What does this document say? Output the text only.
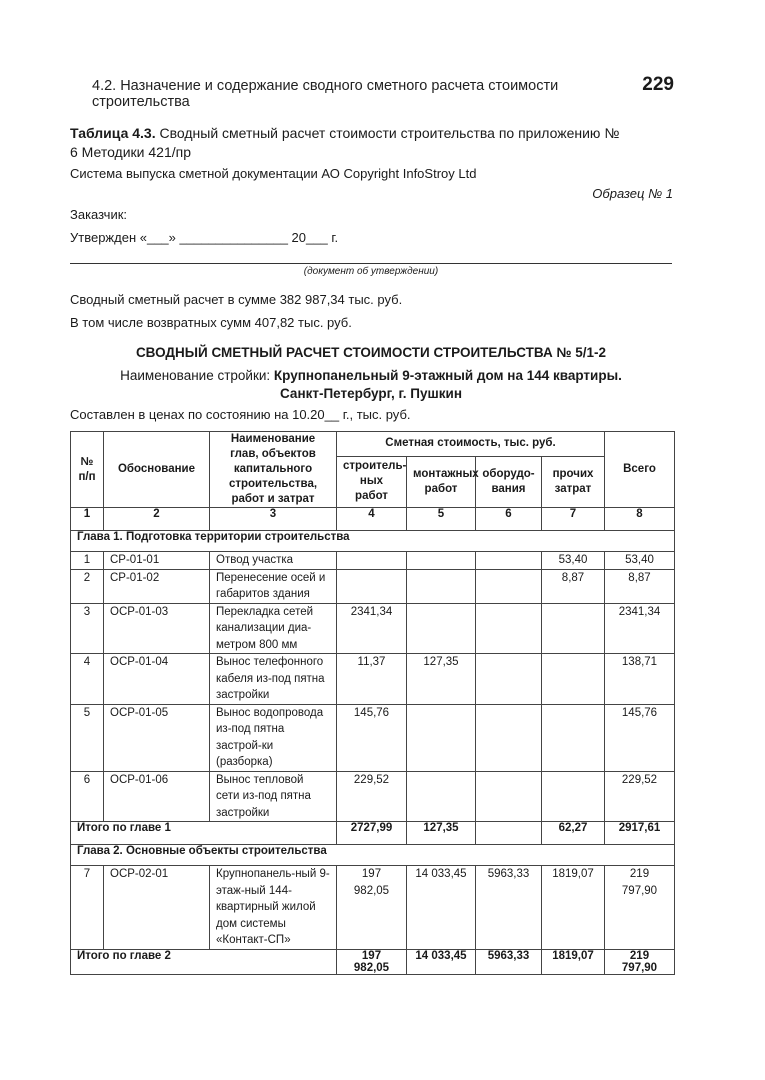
4.2. Назначение и содержание сводного сметного расчета стоимости строительства
229
Таблица 4.3. Сводный сметный расчет стоимости строительства по приложению № 6 Методики 421/пр
Система выпуска сметной документации АО Copyright InfoStroy Ltd
Образец № 1
Заказчик:
Утвержден «___» _______________ 20___ г.
(документ об утверждении)
Сводный сметный расчет в сумме 382 987,34 тыс. руб.
В том числе возвратных сумм 407,82 тыс. руб.
СВОДНЫЙ СМЕТНЫЙ РАСЧЕТ СТОИМОСТИ СТРОИТЕЛЬСТВА № 5/1-2
Наименование стройки: Крупнопанельный 9-этажный дом на 144 квартиры.
Санкт-Петербург, г. Пушкин
Составлен в ценах по состоянию на 10.20__ г., тыс. руб.
№ п/п	Обоснование	Наименование глав, объектов капитального строительства, работ и затрат	Сметная стоимость, тыс. руб.				Всего
			строитель-ных работ	монтажных работ	оборудо-вания	прочих затрат	
1	2	3	4	5	6	7	8
Глава 1. Подготовка территории строительства							
1	СР-01-01	Отвод участка				53,40	53,40
2	СР-01-02	Перенесение осей и габаритов здания				8,87	8,87
3	ОСР-01-03	Перекладка сетей канализации диа-метром 800 мм	2341,34				2341,34
4	ОСР-01-04	Вынос телефонного кабеля из-под пятна застройки	11,37	127,35			138,71
5	ОСР-01-05	Вынос водопровода из-под пятна застрой-ки (разборка)	145,76				145,76
6	ОСР-01-06	Вынос тепловой сети из-под пятна застройки	229,52				229,52
Итого по главе 1			2727,99	127,35		62,27	2917,61
Глава 2. Основные объекты строительства							
7	ОСР-02-01	Крупнопанель-ный 9-этаж-ный 144-квартирный жилой дом системы «Контакт-СП»	197 982,05	14 033,45	5963,33	1819,07	219 797,90
Итого по главе 2			197 982,05	14 033,45	5963,33	1819,07	219 797,90
